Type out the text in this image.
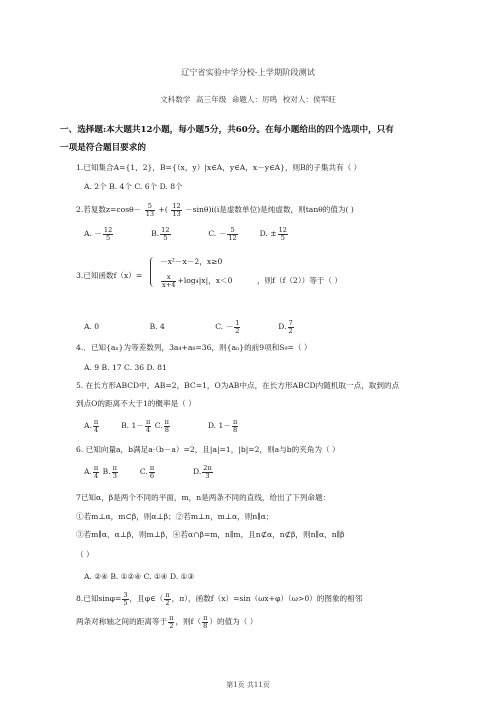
辽宁省实验中学分校-上学期阶段测试
文科数学 高三年级 命题人：厉鸣 校对人：侯军旺
一、选择题:本大题共12小题，每小题5分，共60分。在每小题给出的四个选项中，只有
一项是符合题目要求的
1.已知集合A={1，2}，B={（x，y）|x∈A，y∈A，x－y∈A}，则B的子集共有（ ）
A. 2个 B. 4个 C. 6个 D. 8个
2.若复数$z=\cos\theta- \frac{5}{13}$ +( $\frac{12}{13} -\sin\theta)i(i$是虚数单位)是纯虚数，则tanθ的值为( )
A. － $\frac{12}{5}$	B. $\frac{12}{5}$	C. － $\frac{5}{12}$	D. ± $\frac{12}{5}$
3.已知函数f（x）=
－x²－x－2，x≥0
$\frac{x}{x+4} +\log_4|x|$，x＜0	，则f（f（2））等于（ ）
A. 0	B. 4	C. － $\frac{1}{2}$	D. $\frac{7}{2}$
4.．已知{aₙ}为等差数列，3a₄+a₈=36，则{aₙ}的前9项和S₉=（ ）
A. 9 B. 17 C. 36 D. 81
5. 在长方形ABCD中，AB=2，BC=1，O为AB中点，在长方形ABCD内随机取一点，取到的点
到点O的距离不大于1的概率是（ ）
A. $\frac{\pi}{4}$	B. $1- \frac{\pi}{4} C$. $\frac{\pi}{8}$	D. $1- \frac{\pi}{8}$
6. 已知向量a，b满足a·（b－a）=2，且|a|=1，|b|=2，则a与b的夹角为（ ）
A. $\frac{\pi}{4} B$. $\frac{\pi}{3}$	C. $\frac{\pi}{6}$	D. $\frac{2\pi}{3}$
7已知α，β是两个不同的平面，m，n是两条不同的直线，给出了下列命题：
①若m⊥α，m⊂β，则α⊥β；②若m⊥n，m⊥α，则n∥α；
③若m∥α，α⊥β，则m⊥β，④若α∩β=m，n∥m，且n⊄α，n⊄β，则n∥α，n∥β
（ ）
A. ②④ B. ①②④ C. ①④ D. ①③
8.已知$\sin\varphi= \frac{3}{5}$ ，且φ∈（ $\frac{\pi}{2}$ ，π），函数f（x）=sin（ωx+φ）（ω>0）的图象的相邻
两条对称轴之间的距离等于 $\frac{\pi}{2}$ ，则$f( \frac{\pi}{8}$ ）的值为（ ）
第1页 共11页
